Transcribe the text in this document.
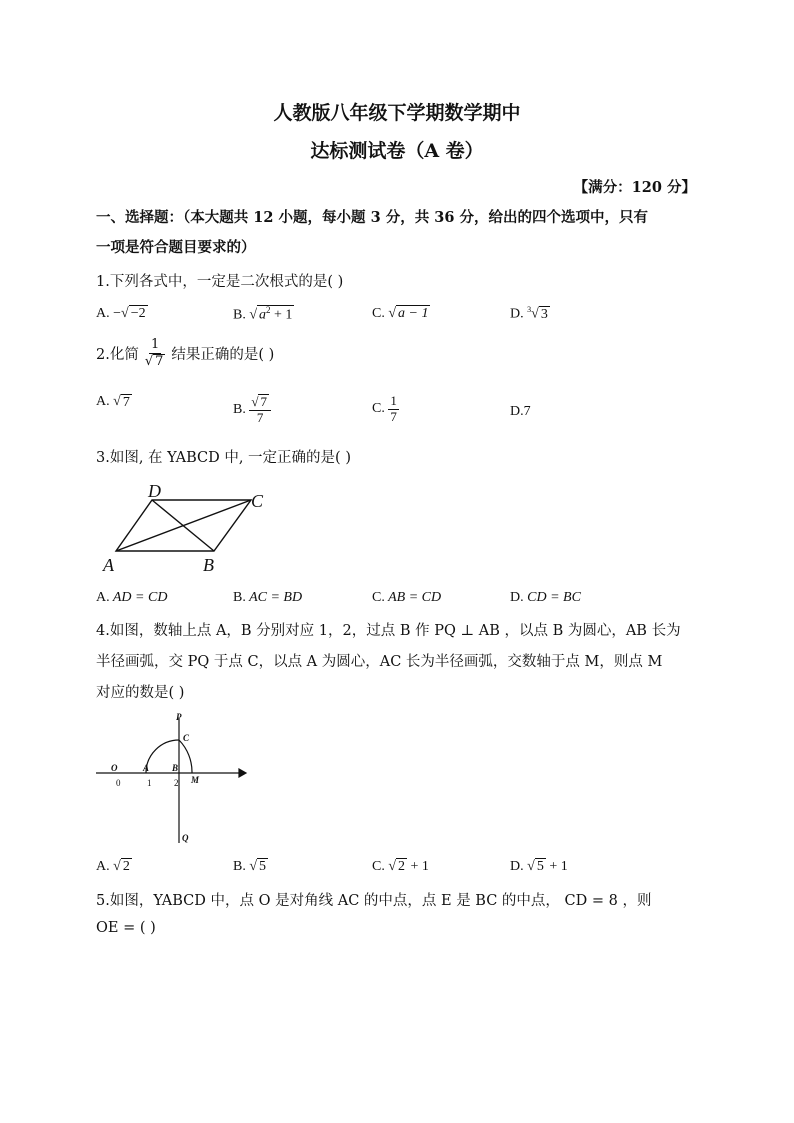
人教版八年级下学期数学期中
达标测试卷（A 卷）
【满分：120 分】
一、选择题：（本大题共 12 小题，每小题 3 分，共 36 分，给出的四个选项中，只有
一项是符合题目要求的）
1.下列各式中，一定是二次根式的是( )
A. −√ −2	B. √ $a^2 + 1$	C. √ a − 1	D. $^3$√ 3
2.化简 $\frac{1}{√ 7}$ 结果正确的是( )
A. √ 7	B.
$\frac{√ 7}{7}$	C.
$\frac{1}{7}$	D.7
3.如图, 在 YABCD 中, 一定正确的是( )
D	C
A	B
A. AD = CD	B. AC = BD	C. AB = CD	D. CD = BC
4.如图，数轴上点 A，B 分别对应 1，2，过点 B 作 PQ ⊥ AB ，以点 B 为圆心，AB 长为
半径画弧，交 PQ 于点 C，以点 A 为圆心，AC 长为半径画弧，交数轴于点 M，则点 M
对应的数是( )
P
C
O	A	B
M
0	1	2
Q
A. √ 2	B. √ 5	C. √ 2 + 1	D. √ 5 + 1
5.如图，YABCD 中，点 O 是对角线 AC 的中点，点 E 是 BC 的中点， CD = 8 ，则
OE = ( )
